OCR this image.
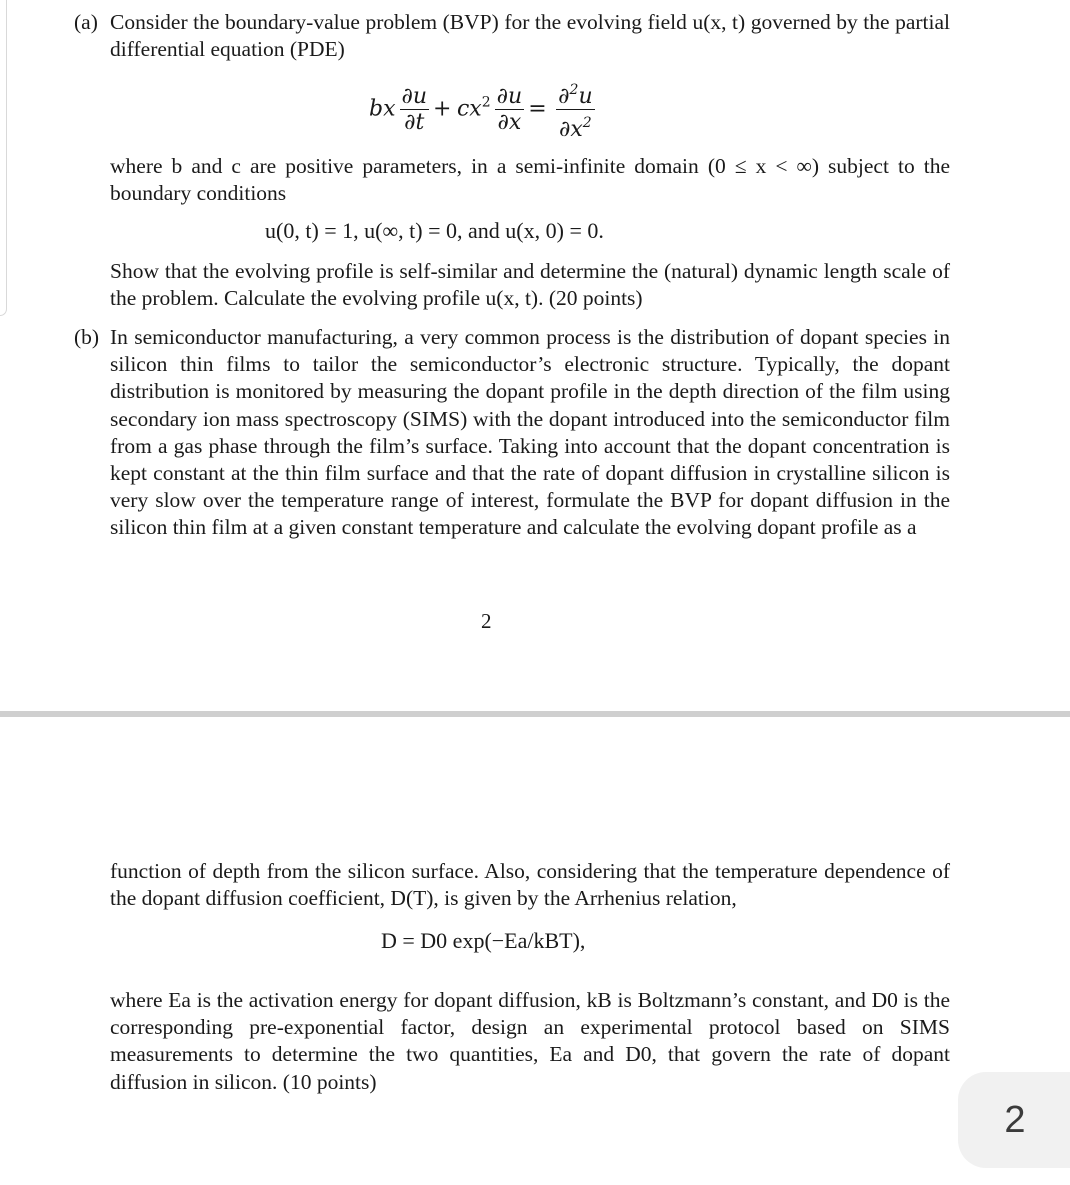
(a) Consider the boundary-value problem (BVP) for the evolving field u(x, t) governed by the partial differential equation (PDE)

bx $\frac{\partial u}{\partial t} + cx^2 \frac{\partial u}{\partial x} = \frac{\partial^2u}{\partial x^2}$

where b and c are positive parameters, in a semi-infinite domain (0 ≤ x < ∞) subject to the boundary conditions

u(0, t) = 1, u(∞, t) = 0, and u(x, 0) = 0.

Show that the evolving profile is self-similar and determine the (natural) dynamic length scale of the problem. Calculate the evolving profile u(x, t). (20 points)

(b) In semiconductor manufacturing, a very common process is the distribution of dopant species in silicon thin films to tailor the semiconductor’s electronic structure. Typically, the dopant distribution is monitored by measuring the dopant profile in the depth direction of the film using secondary ion mass spectroscopy (SIMS) with the dopant introduced into the semiconductor film from a gas phase through the film’s surface. Taking into account that the dopant concentration is kept constant at the thin film surface and that the rate of dopant diffusion in crystalline silicon is very slow over the temperature range of interest, formulate the BVP for dopant diffusion in the silicon thin film at a given constant temperature and calculate the evolving dopant profile as a

2

function of depth from the silicon surface. Also, considering that the temperature dependence of the dopant diffusion coefficient, D(T), is given by the Arrhenius relation,

D = D0 exp(−Ea/kBT),

where Ea is the activation energy for dopant diffusion, kB is Boltzmann’s constant, and D0 is the corresponding pre-exponential factor, design an experimental protocol based on SIMS measurements to determine the two quantities, Ea and D0, that govern the rate of dopant diffusion in silicon. (10 points)

2
